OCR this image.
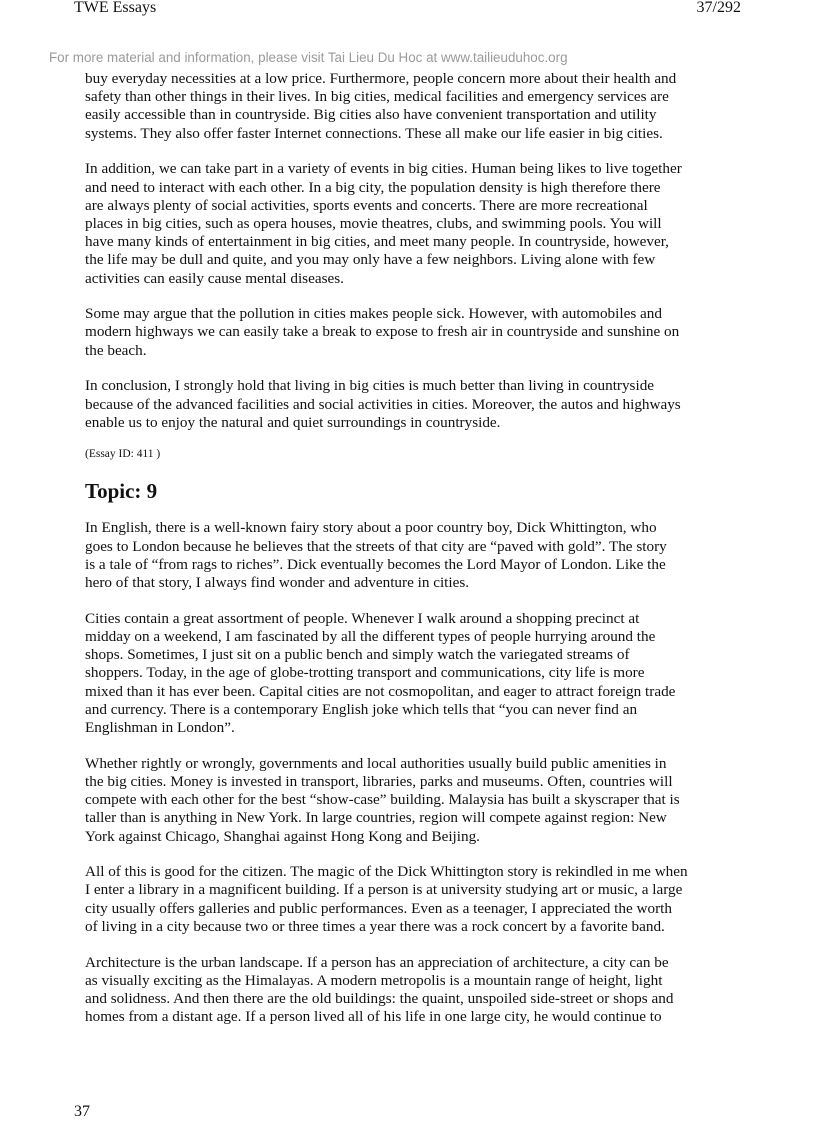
TWE Essays	37/292
For more material and information, please visit Tai Lieu Du Hoc at www.tailieuduhoc.org

buy everyday necessities at a low price. Furthermore, people concern more about their health and
safety than other things in their lives. In big cities, medical facilities and emergency services are
easily accessible than in countryside. Big cities also have convenient transportation and utility
systems. They also offer faster Internet connections. These all make our life easier in big cities.

In addition, we can take part in a variety of events in big cities. Human being likes to live together
and need to interact with each other. In a big city, the population density is high therefore there
are always plenty of social activities, sports events and concerts. There are more recreational
places in big cities, such as opera houses, movie theatres, clubs, and swimming pools. You will
have many kinds of entertainment in big cities, and meet many people. In countryside, however,
the life may be dull and quite, and you may only have a few neighbors. Living alone with few
activities can easily cause mental diseases.

Some may argue that the pollution in cities makes people sick. However, with automobiles and
modern highways we can easily take a break to expose to fresh air in countryside and sunshine on
the beach.

In conclusion, I strongly hold that living in big cities is much better than living in countryside
because of the advanced facilities and social activities in cities. Moreover, the autos and highways
enable us to enjoy the natural and quiet surroundings in countryside.

(Essay ID: 411 )

Topic: 9

In English, there is a well-known fairy story about a poor country boy, Dick Whittington, who
goes to London because he believes that the streets of that city are “paved with gold”. The story
is a tale of “from rags to riches”. Dick eventually becomes the Lord Mayor of London. Like the
hero of that story, I always find wonder and adventure in cities.

Cities contain a great assortment of people. Whenever I walk around a shopping precinct at
midday on a weekend, I am fascinated by all the different types of people hurrying around the
shops. Sometimes, I just sit on a public bench and simply watch the variegated streams of
shoppers. Today, in the age of globe-trotting transport and communications, city life is more
mixed than it has ever been. Capital cities are not cosmopolitan, and eager to attract foreign trade
and currency. There is a contemporary English joke which tells that “you can never find an
Englishman in London”.

Whether rightly or wrongly, governments and local authorities usually build public amenities in
the big cities. Money is invested in transport, libraries, parks and museums. Often, countries will
compete with each other for the best “show-case” building. Malaysia has built a skyscraper that is
taller than is anything in New York. In large countries, region will compete against region: New
York against Chicago, Shanghai against Hong Kong and Beijing.

All of this is good for the citizen. The magic of the Dick Whittington story is rekindled in me when
I enter a library in a magnificent building. If a person is at university studying art or music, a large
city usually offers galleries and public performances. Even as a teenager, I appreciated the worth
of living in a city because two or three times a year there was a rock concert by a favorite band.

Architecture is the urban landscape. If a person has an appreciation of architecture, a city can be
as visually exciting as the Himalayas. A modern metropolis is a mountain range of height, light
and solidness. And then there are the old buildings: the quaint, unspoiled side-street or shops and
homes from a distant age. If a person lived all of his life in one large city, he would continue to

37
